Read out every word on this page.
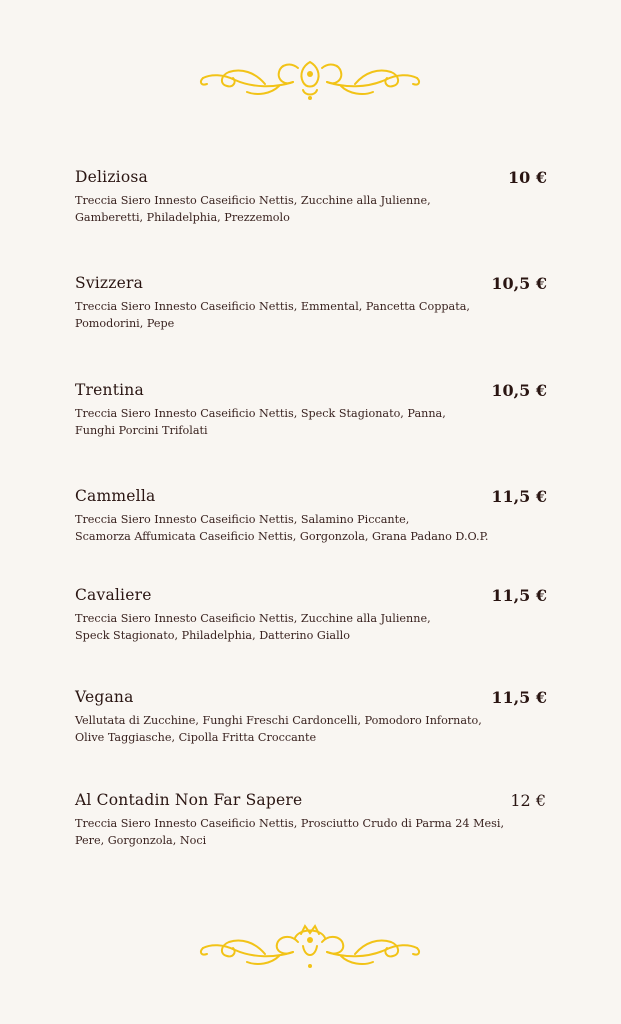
Deliziosa	10 €
Treccia Siero Innesto Caseificio Nettis, Zucchine alla Julienne,
Gamberetti, Philadelphia, Prezzemolo
Svizzera	10,5 €
Treccia Siero Innesto Caseificio Nettis, Emmental, Pancetta Coppata,
Pomodorini, Pepe
Trentina	10,5 €
Treccia Siero Innesto Caseificio Nettis, Speck Stagionato, Panna,
Funghi Porcini Trifolati
Cammella	11,5 €
Treccia Siero Innesto Caseificio Nettis, Salamino Piccante,
Scamorza Affumicata Caseificio Nettis, Gorgonzola, Grana Padano D.O.P.
Cavaliere	11,5 €
Treccia Siero Innesto Caseificio Nettis, Zucchine alla Julienne,
Speck Stagionato, Philadelphia, Datterino Giallo
Vegana	11,5 €
Vellutata di Zucchine, Funghi Freschi Cardoncelli, Pomodoro Infornato,
Olive Taggiasche, Cipolla Fritta Croccante
Al Contadin Non Far Sapere	12 €
Treccia Siero Innesto Caseificio Nettis, Prosciutto Crudo di Parma 24 Mesi,
Pere, Gorgonzola, Noci
